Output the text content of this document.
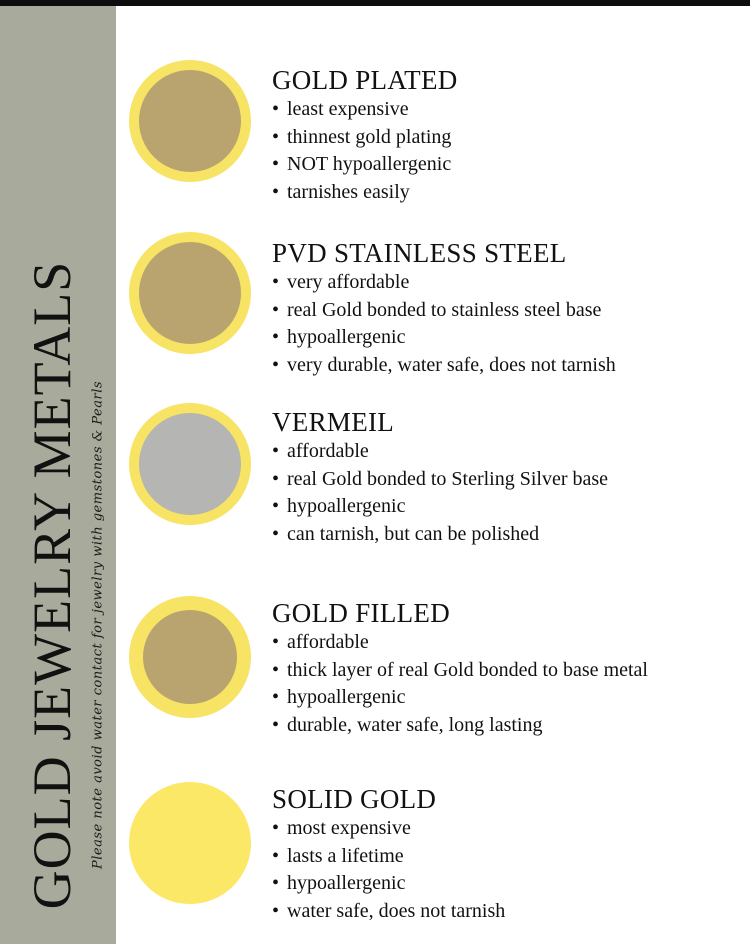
GOLD JEWELRY METALS Please note avoid water contact for jewelry with gemstones & Pearls
GOLD PLATED
• least expensive
• thinnest gold plating
• NOT hypoallergenic
• tarnishes easily
PVD STAINLESS STEEL
• very affordable
• real Gold bonded to stainless steel base
• hypoallergenic
• very durable, water safe, does not tarnish
VERMEIL
• affordable
• real Gold bonded to Sterling Silver base
• hypoallergenic
• can tarnish, but can be polished
GOLD FILLED
• affordable
• thick layer of real Gold bonded to base metal
• hypoallergenic
• durable, water safe, long lasting
SOLID GOLD
• most expensive
• lasts a lifetime
• hypoallergenic
• water safe, does not tarnish
